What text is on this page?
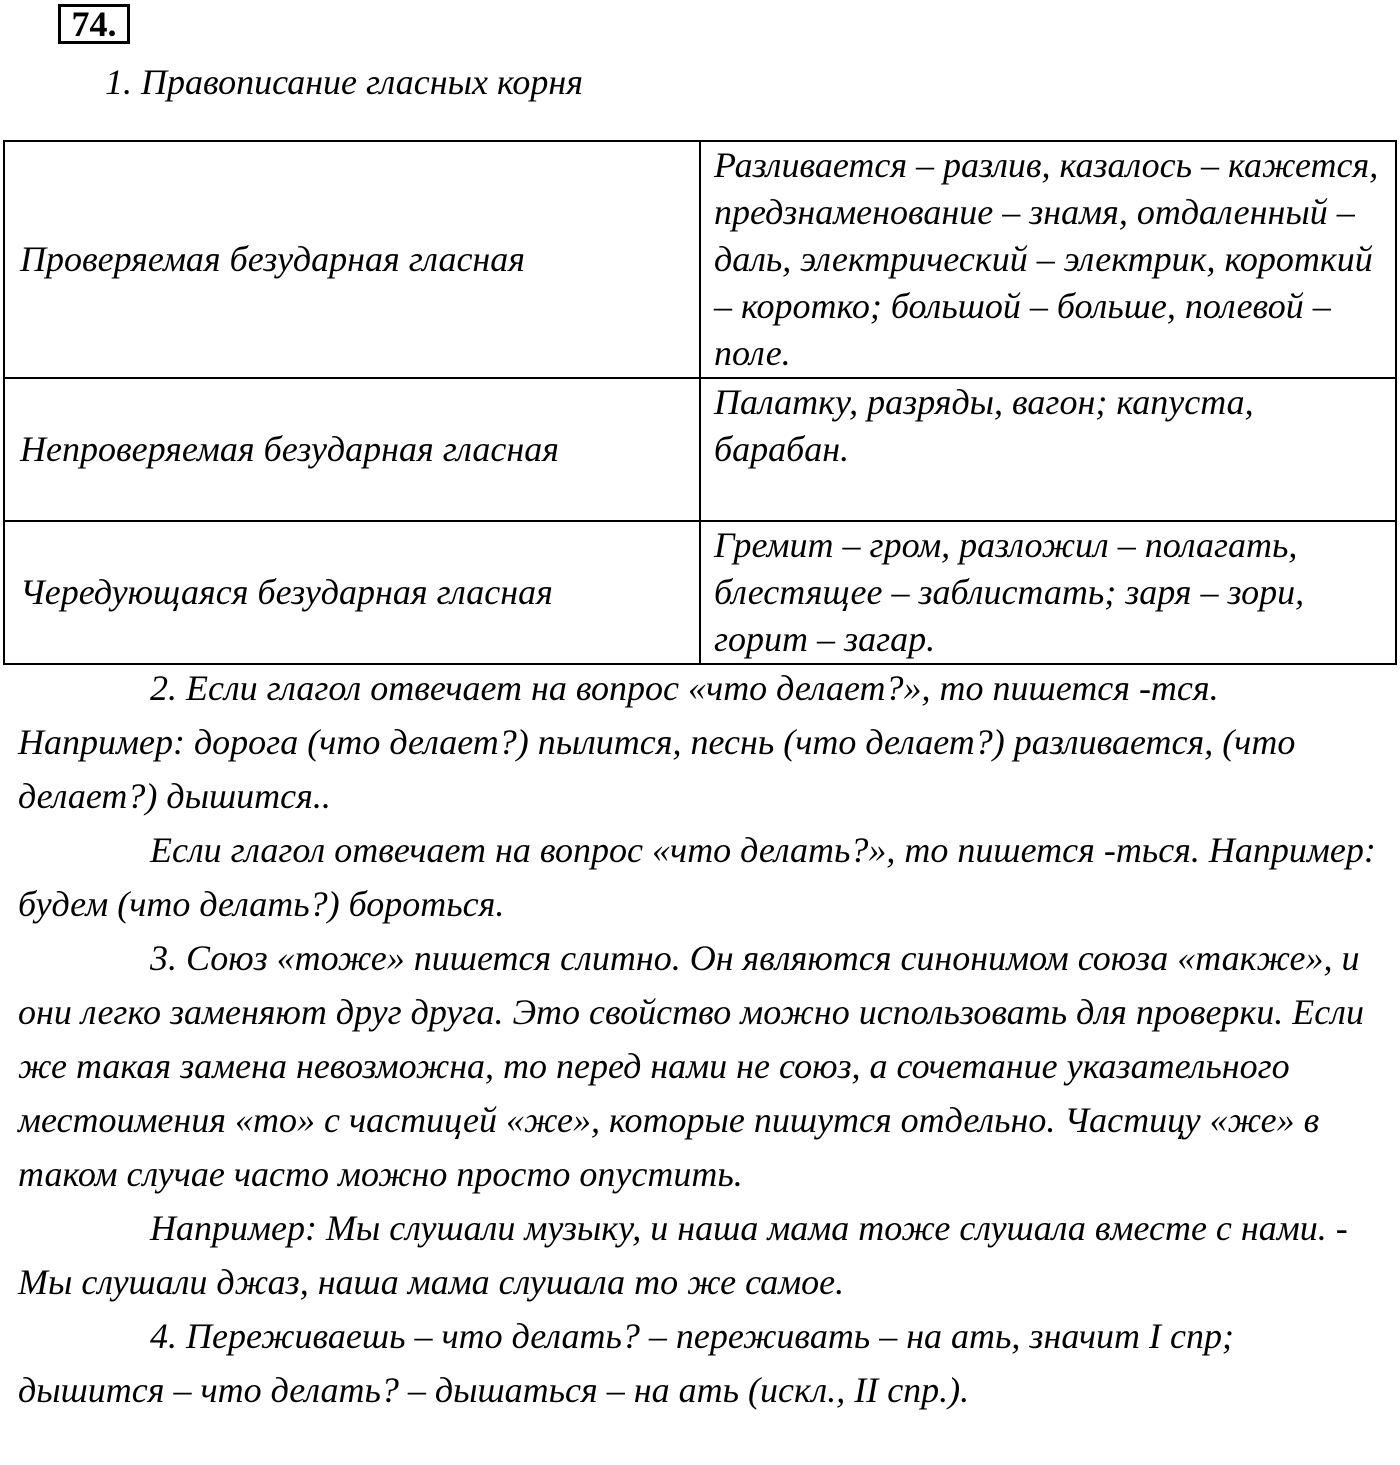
74.
1. Правописание гласных корня
Проверяемая безударная гласная	Разливается – разлив, казалось – кажется, предзнаменование – знамя, отдаленный – даль, электрический – электрик, короткий – коротко; большой – больше, полевой – поле.

Непроверяемая безударная гласная	Палатку, разряды, вагон; капуста, барабан.

Чередующаяся безударная гласная	Гремит – гром, разложил – полагать, блестящее – заблистать; заря – зори, горит – загар.

2. Если глагол отвечает на вопрос «что делает?», то пишется -тся. Например: дорога (что делает?) пылится, песнь (что делает?) разливается, (что делает?) дышится..

Если глагол отвечает на вопрос «что делать?», то пишется -ться. Например: будем (что делать?) бороться.

3. Союз «тоже» пишется слитно. Он являются синонимом союза «также», и они легко заменяют друг друга. Это свойство можно использовать для проверки. Если же такая замена невозможна, то перед нами не союз, а сочетание указательного местоимения «то» с частицей «же», которые пишутся отдельно. Частицу «же» в таком случае часто можно просто опустить.

Например: Мы слушали музыку, и наша мама тоже слушала вместе с нами. - Мы слушали джаз, наша мама слушала то же самое.

4. Переживаешь – что делать? – переживать – на ать, значит I спр; дышится – что делать? – дышаться – на ать (искл., II спр.).
